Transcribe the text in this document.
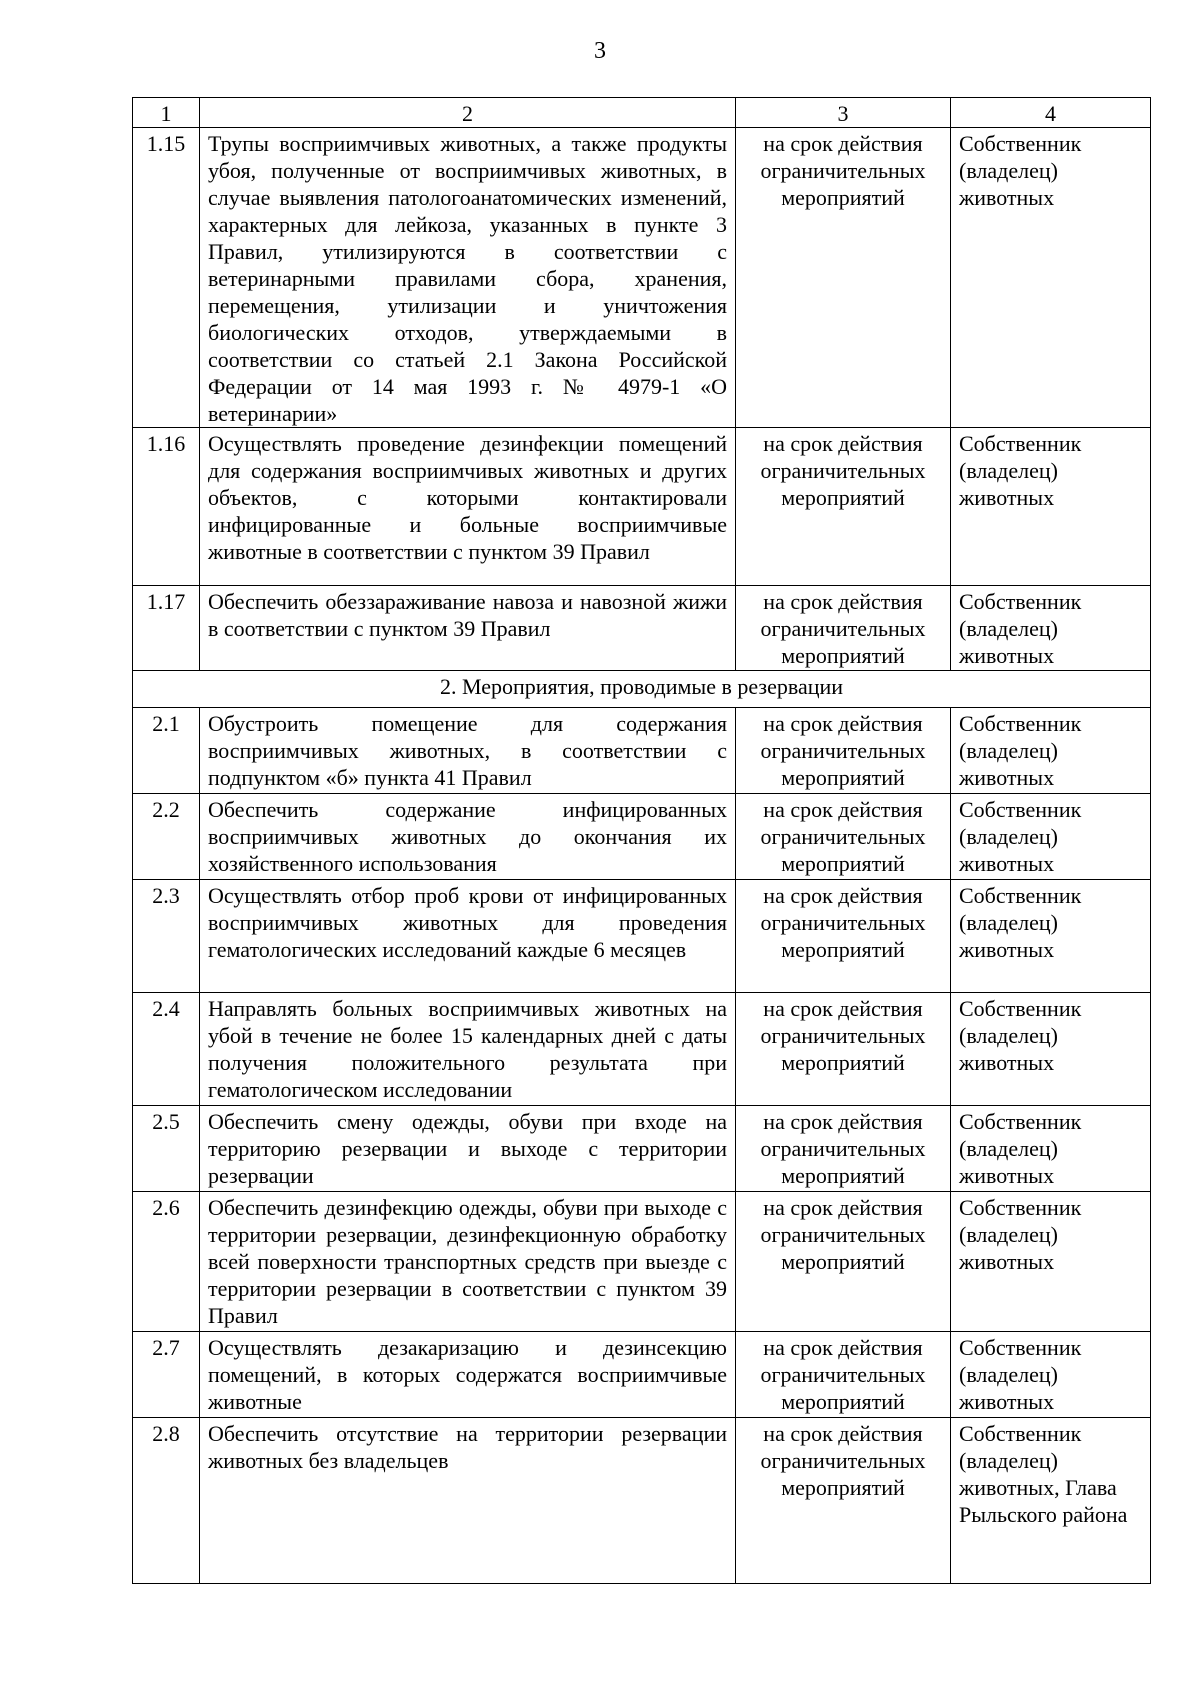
3
1	2	3	4
1.15	Трупы восприимчивых животных, а также продукты убоя, полученные от восприимчивых животных, в случае выявления патологоанатомических изменений, характерных для лейкоза, указанных в пункте 3 Правил, утилизируются в соответствии с ветеринарными правилами сбора, хранения, перемещения, утилизации и уничтожения биологических отходов, утверждаемыми в соответствии со статьей 2.1 Закона Российской Федерации от 14 мая 1993 г. № 4979-1 «О ветеринарии»	на срок действия ограничительных мероприятий	Собственник (владелец) животных
1.16	Осуществлять проведение дезинфекции помещений для содержания восприимчивых животных и других объектов, с которыми контактировали инфицированные и больные восприимчивые животные в соответствии с пунктом 39 Правил	на срок действия ограничительных мероприятий	Собственник (владелец) животных
1.17	Обеспечить обеззараживание навоза и навозной жижи в соответствии с пунктом 39 Правил	на срок действия ограничительных мероприятий	Собственник (владелец) животных
2. Мероприятия, проводимые в резервации			
2.1	Обустроить помещение для содержания восприимчивых животных, в соответствии с подпунктом «б» пункта 41 Правил	на срок действия ограничительных мероприятий	Собственник (владелец) животных
2.2	Обеспечить содержание инфицированных восприимчивых животных до окончания их хозяйственного использования	на срок действия ограничительных мероприятий	Собственник (владелец) животных
2.3	Осуществлять отбор проб крови от инфицированных восприимчивых животных для проведения гематологических исследований каждые 6 месяцев	на срок действия ограничительных мероприятий	Собственник (владелец) животных
2.4	Направлять больных восприимчивых животных на убой в течение не более 15 календарных дней с даты получения положительного результата при гематологическом исследовании	на срок действия ограничительных мероприятий	Собственник (владелец) животных
2.5	Обеспечить смену одежды, обуви при входе на территорию резервации и выходе с территории резервации	на срок действия ограничительных мероприятий	Собственник (владелец) животных
2.6	Обеспечить дезинфекцию одежды, обуви при выходе с территории резервации, дезинфекционную обработку всей поверхности транспортных средств при выезде с территории резервации в соответствии с пунктом 39 Правил	на срок действия ограничительных мероприятий	Собственник (владелец) животных
2.7	Осуществлять дезакаризацию и дезинсекцию помещений, в которых содержатся восприимчивые животные	на срок действия ограничительных мероприятий	Собственник (владелец) животных
2.8	Обеспечить отсутствие на территории резервации животных без владельцев	на срок действия ограничительных мероприятий	Собственник (владелец) животных, Глава Рыльского района
